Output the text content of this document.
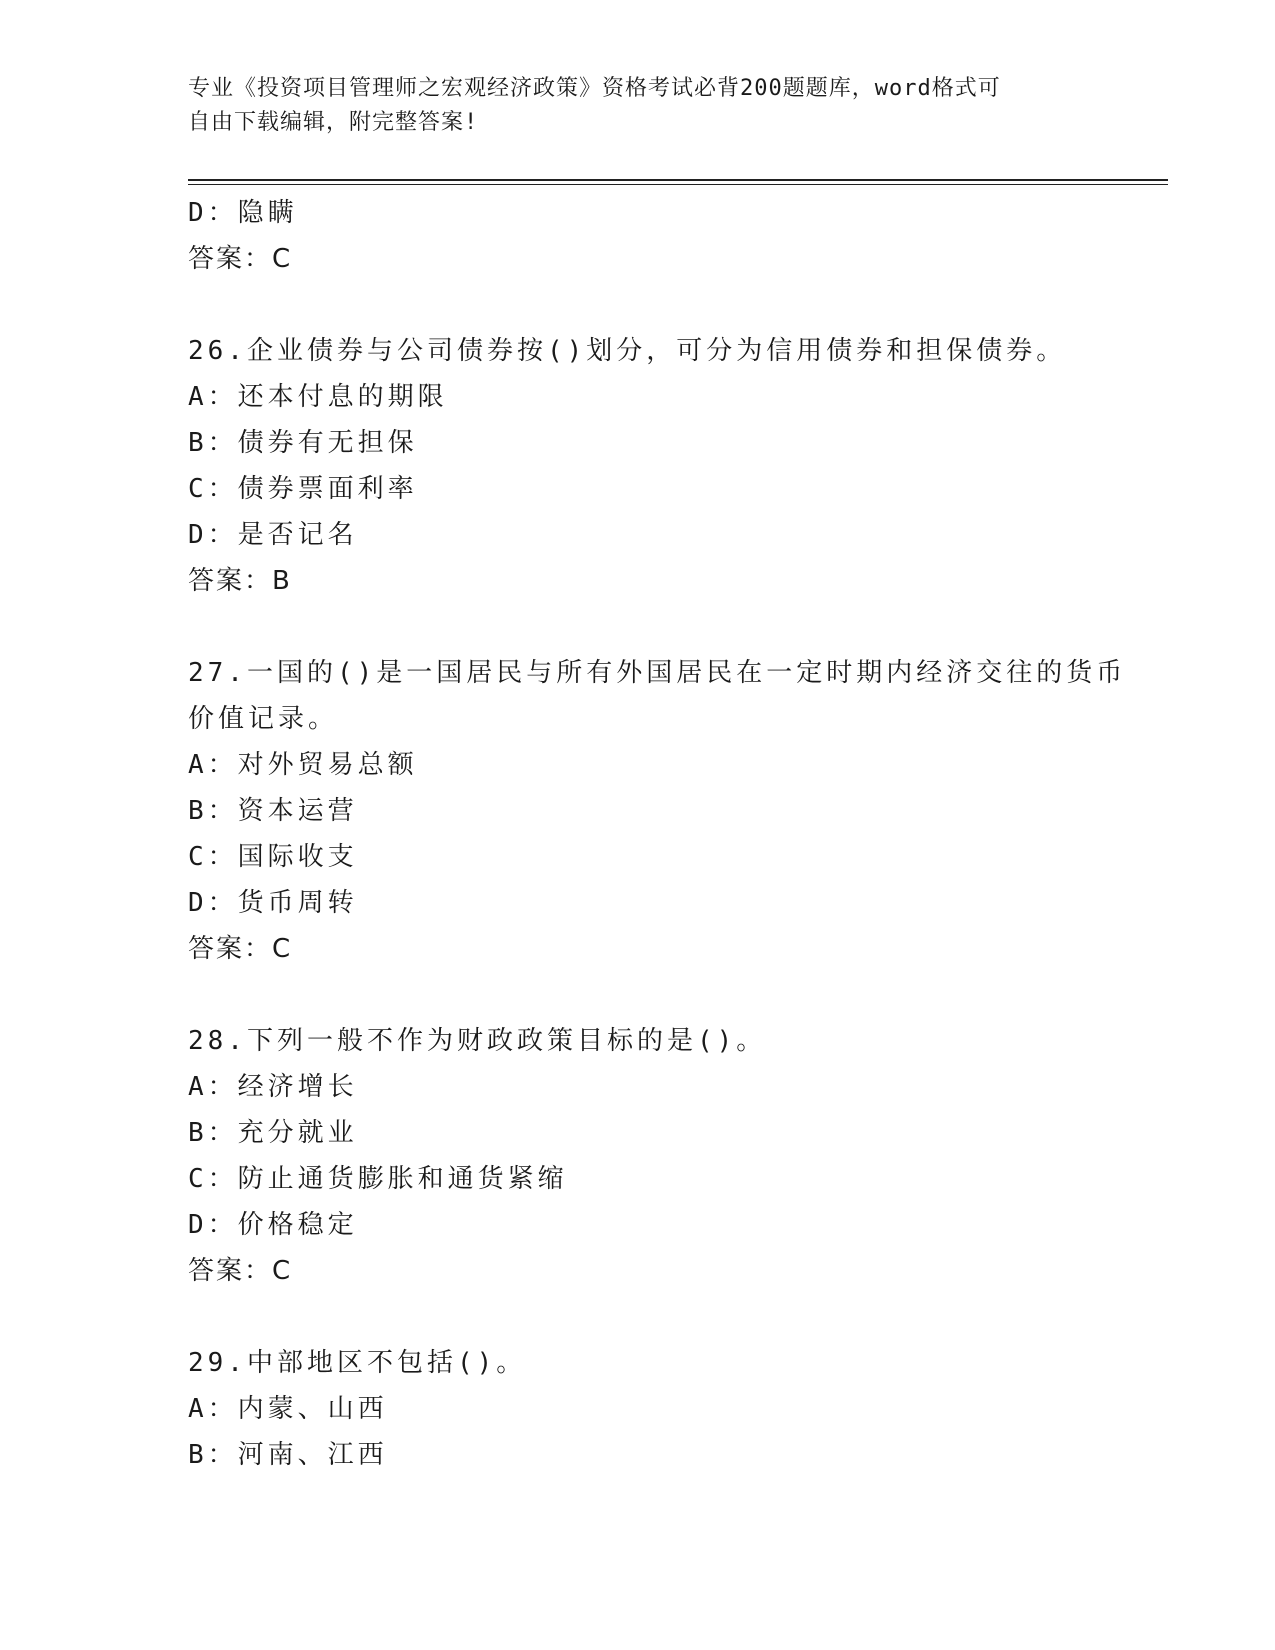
专业《投资项目管理师之宏观经济政策》资格考试必背200题题库，word格式可
自由下载编辑，附完整答案!
D：隐瞒
答案：C
26.企业债券与公司债券按()划分，可分为信用债券和担保债券。
A：还本付息的期限
B：债券有无担保
C：债券票面利率
D：是否记名
答案：B
27.一国的()是一国居民与所有外国居民在一定时期内经济交往的货币
价值记录。
A：对外贸易总额
B：资本运营
C：国际收支
D：货币周转
答案：C
28.下列一般不作为财政政策目标的是()。
A：经济增长
B：充分就业
C：防止通货膨胀和通货紧缩
D：价格稳定
答案：C
29.中部地区不包括()。
A：内蒙、山西
B：河南、江西
